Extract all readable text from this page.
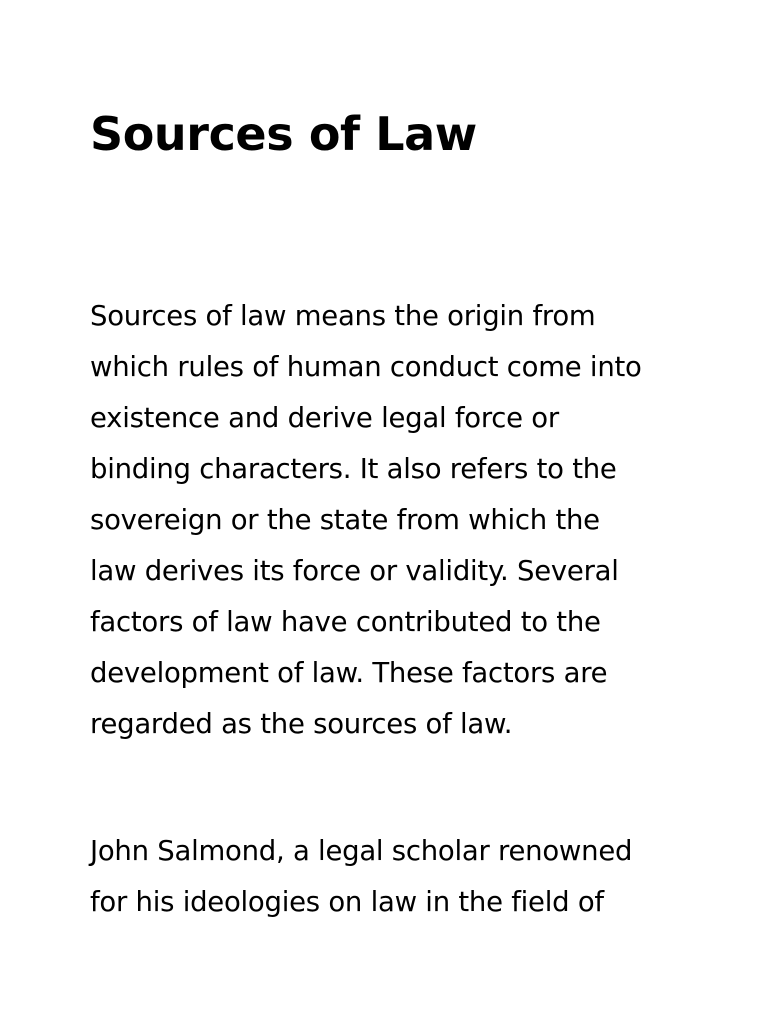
Sources of Law

Sources of law means the origin from
which rules of human conduct come into
existence and derive legal force or
binding characters. It also refers to the
sovereign or the state from which the
law derives its force or validity. Several
factors of law have contributed to the
development of law. These factors are
regarded as the sources of law.

John Salmond, a legal scholar renowned
for his ideologies on law in the field of
